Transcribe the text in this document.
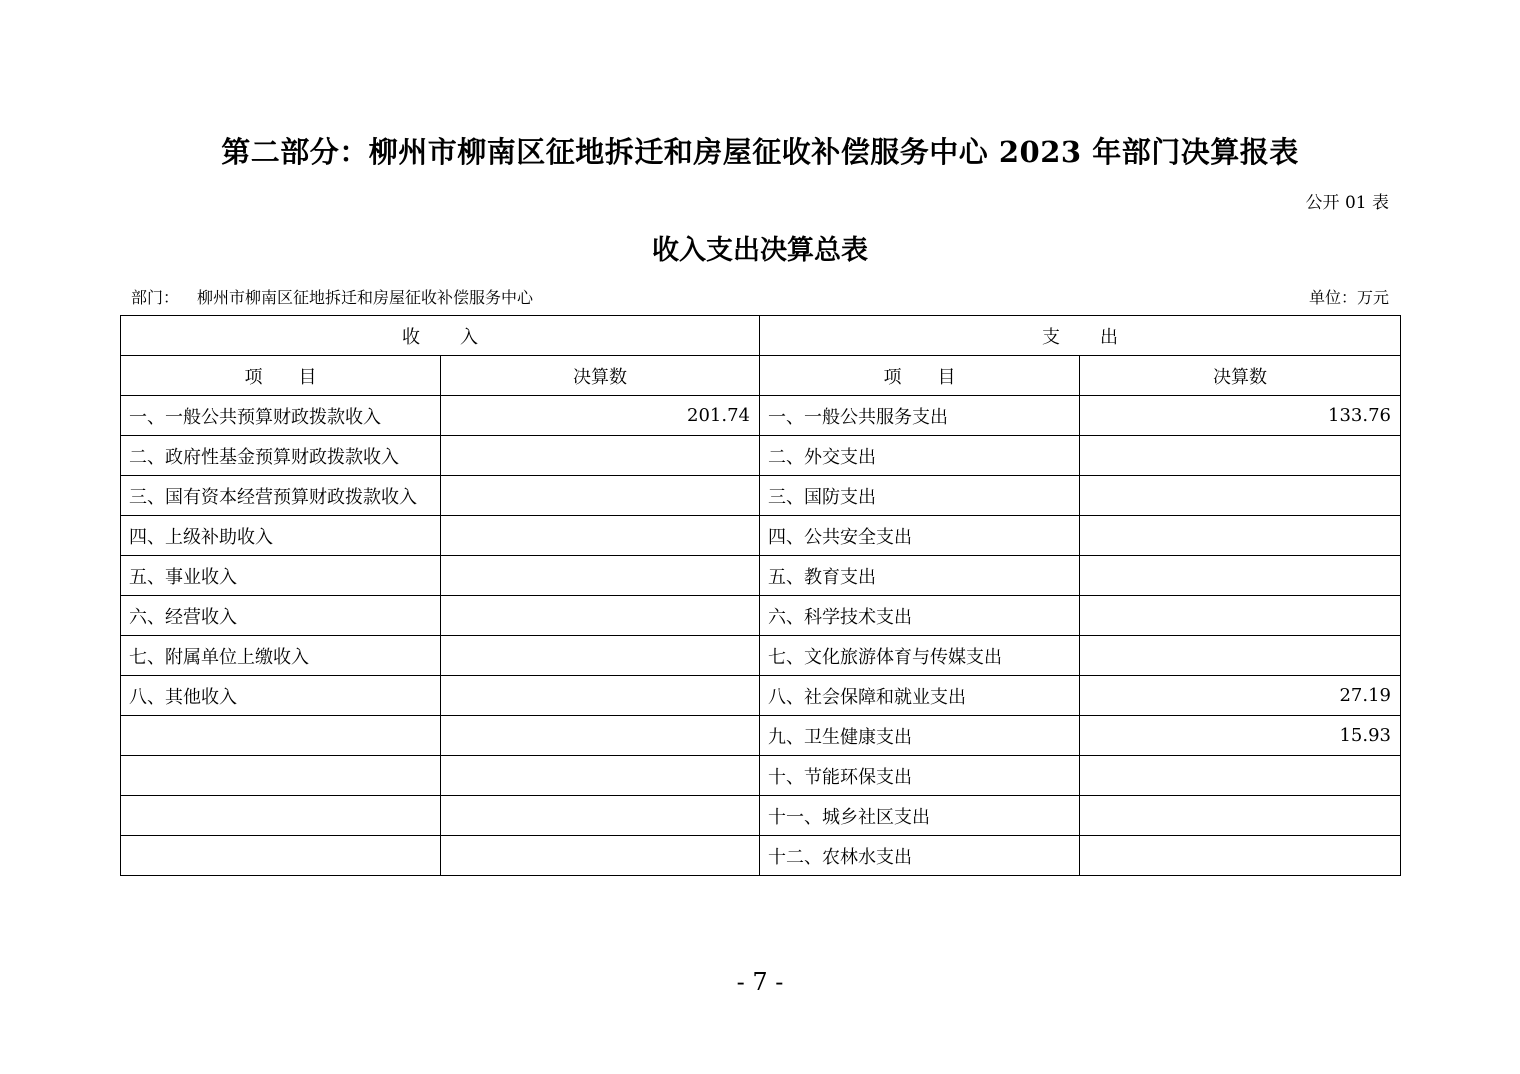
第二部分：柳州市柳南区征地拆迁和房屋征收补偿服务中心 2023 年部门决算报表
公开 01 表
收入支出决算总表
部门： 柳州市柳南区征地拆迁和房屋征收补偿服务中心	单位：万元
收入		支出	
项目	决算数	项目	决算数
一、一般公共预算财政拨款收入	201.74	一、一般公共服务支出	133.76
二、政府性基金预算财政拨款收入		二、外交支出	
三、国有资本经营预算财政拨款收入		三、国防支出	
四、上级补助收入		四、公共安全支出	
五、事业收入		五、教育支出	
六、经营收入		六、科学技术支出	
七、附属单位上缴收入		七、文化旅游体育与传媒支出	
八、其他收入		八、社会保障和就业支出	27.19
		九、卫生健康支出	15.93
		十、节能环保支出	
		十一、城乡社区支出	
		十二、农林水支出	
- 7 -
